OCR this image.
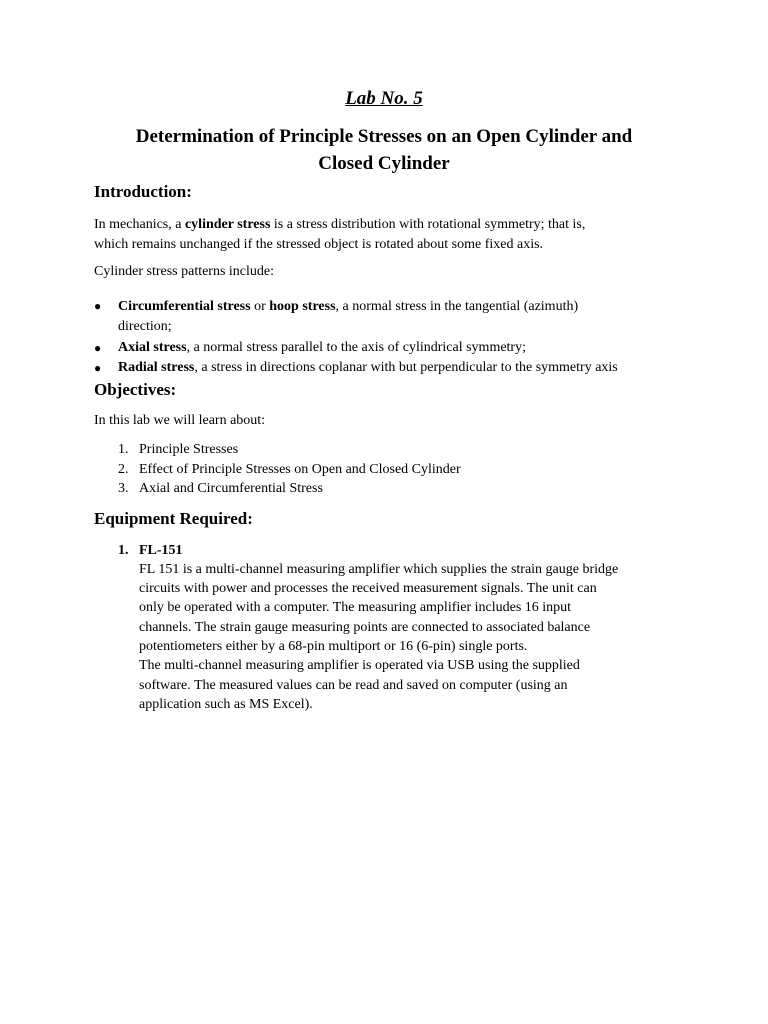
Lab No. 5
Determination of Principle Stresses on an Open Cylinder and
Closed Cylinder
Introduction:
In mechanics, a cylinder stress is a stress distribution with rotational symmetry; that is,
which remains unchanged if the stressed object is rotated about some fixed axis.
Cylinder stress patterns include:
● Circumferential stress or hoop stress, a normal stress in the tangential (azimuth)
direction;
● Axial stress, a normal stress parallel to the axis of cylindrical symmetry;
● Radial stress, a stress in directions coplanar with but perpendicular to the symmetry axis
Objectives:
In this lab we will learn about:
1. Principle Stresses
2. Effect of Principle Stresses on Open and Closed Cylinder
3. Axial and Circumferential Stress
Equipment Required:
1. FL-151
FL 151 is a multi-channel measuring amplifier which supplies the strain gauge bridge
circuits with power and processes the received measurement signals. The unit can
only be operated with a computer. The measuring amplifier includes 16 input
channels. The strain gauge measuring points are connected to associated balance
potentiometers either by a 68-pin multiport or 16 (6-pin) single ports.
The multi-channel measuring amplifier is operated via USB using the supplied
software. The measured values can be read and saved on computer (using an
application such as MS Excel).
